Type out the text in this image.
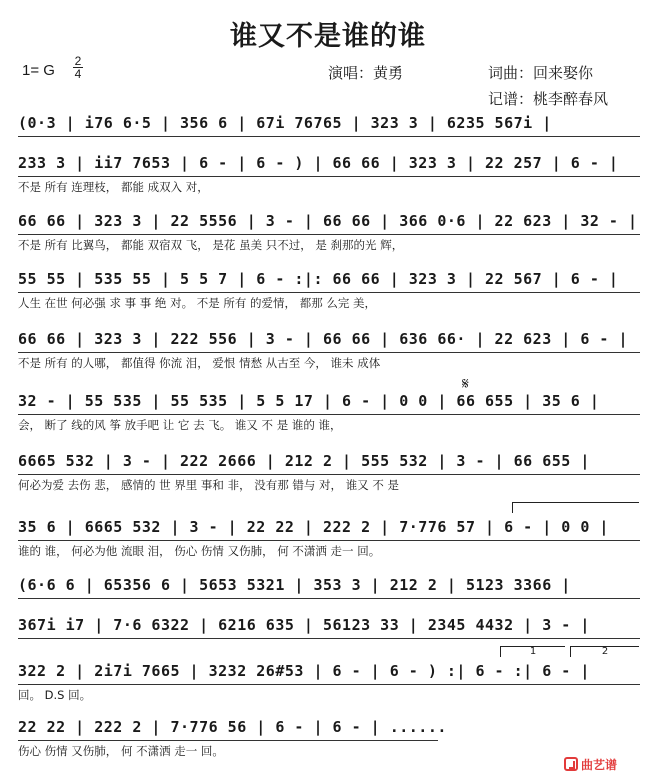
谁又不是谁的谁
1= G
2
4	演唱：黄勇	词曲：回来娶你
记谱：桃李醉春风
(0·3 | i76 6·5 | 356 6 | 67i 76765 | 323 3 | 6235 567i |
233 3 | ii7 7653 | 6 - | 6 - ) | 66 66 | 323 3 | 22 257 | 6 - |
不是 所有 连理枝， 都能 成双入 对，
66 66 | 323 3 | 22 5556 | 3 - | 66 66 | 366 0·6 | 22 623 | 32 - |
不是 所有 比翼鸟， 都能 双宿双 飞， 是花 虽美 只不过， 是 刹那的光 辉，
55 55 | 535 55 | 5 5 7 | 6 - :|: 66 66 | 323 3 | 22 567 | 6 - |
人生 在世 何必强 求 事 事 绝 对。 不是 所有 的爱情， 都那 么完 美，
66 66 | 323 3 | 222 556 | 3 - | 66 66 | 636 66· | 22 623 | 6 - |
不是 所有 的人哪， 都值得 你流 泪， 爱恨 情愁 从古至 今， 谁未 成体
𝄋
32 - | 55 535 | 55 535 | 5 5 17 | 6 - | 0 0 | 66 655 | 35 6 |
会， 断了 线的风 筝 放手吧 让 它 去 飞。 谁又 不 是 谁的 谁，
6665 532 | 3 - | 222 2666 | 212 2 | 555 532 | 3 - | 66 655 |
何必为爱 去伤 悲， 感情的 世 界里 事和 非， 没有那 错与 对， 谁又 不 是
35 6 | 6665 532 | 3 - | 22 22 | 222 2 | 7·776 57 | 6 - | 0 0 |
谁的 谁， 何必为他 流眼 泪， 伤心 伤情 又伤肺， 何 不潇洒 走一 回。
(6·6 6 | 65356 6 | 5653 5321 | 353 3 | 212 2 | 5123 3366 |
367i i7 | 7·6 6322 | 6216 635 | 56123 33 | 2345 4432 | 3 - |
1	2
322 2 | 2i7i 7665 | 3232 26#53 | 6 - | 6 - ) :| 6 - :| 6 - |
回。 D.S 回。
22 22 | 222 2 | 7·776 56 | 6 - | 6 - | ......
伤心 伤情 又伤肺， 何 不潇洒 走一 回。
曲艺谱
